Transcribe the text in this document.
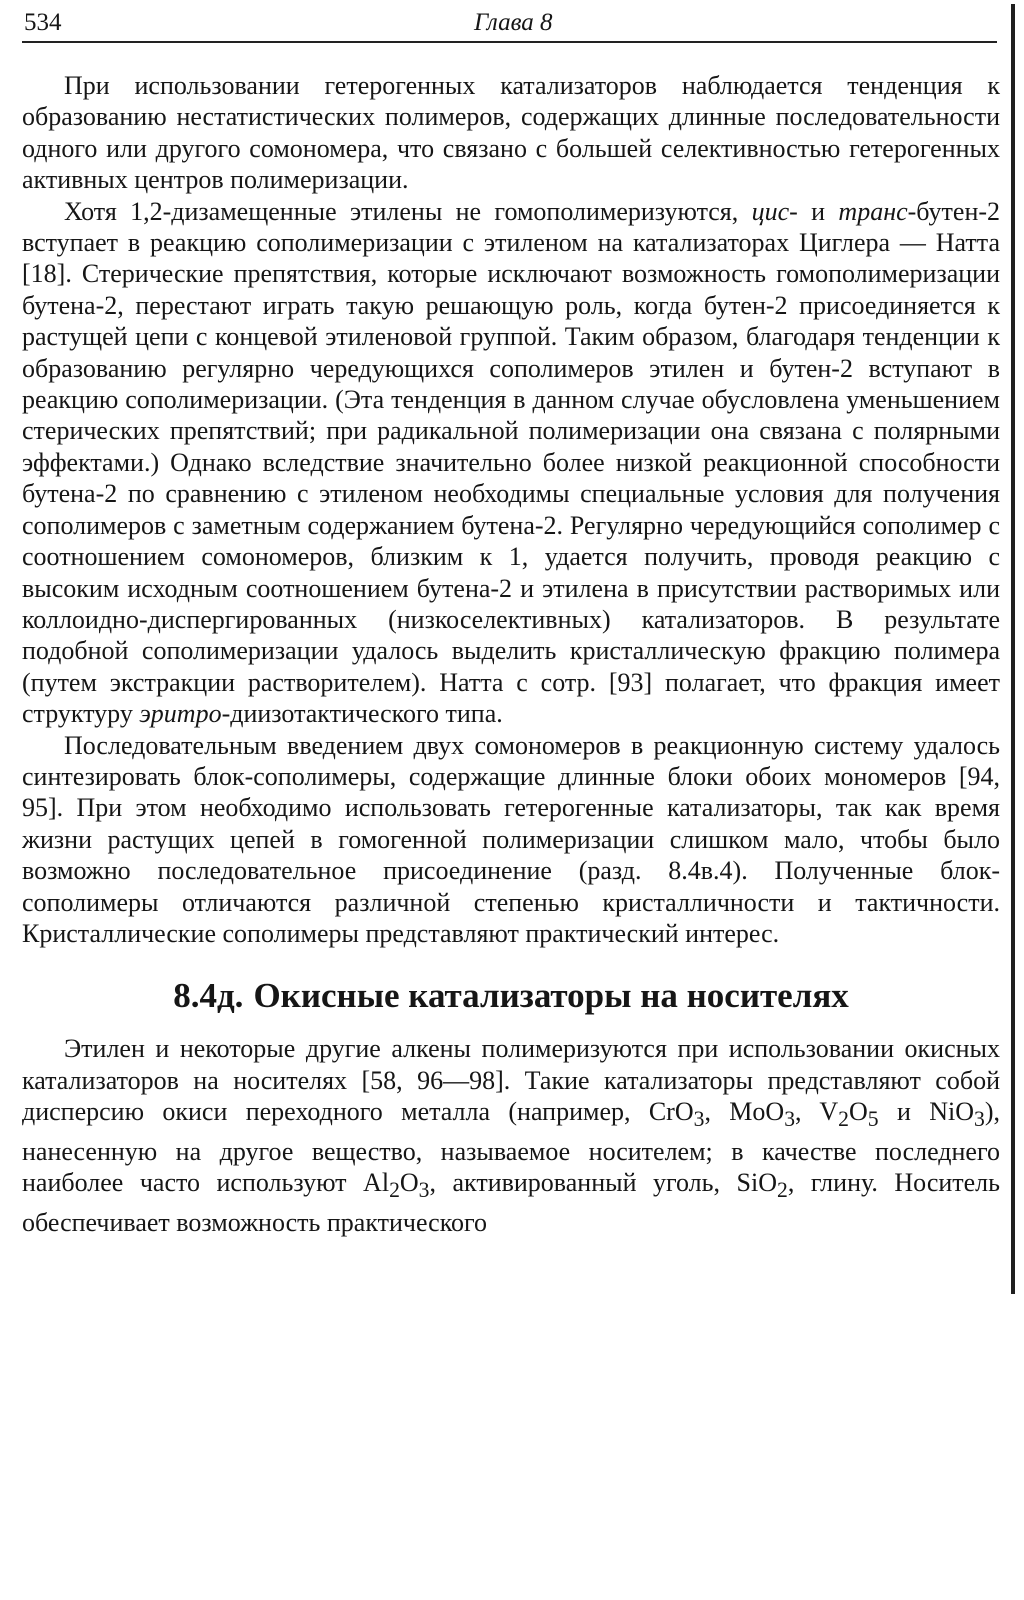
534	Глава 8

При использовании гетерогенных катализаторов наблюдается тенденция к образованию нестатистических полимеров, содержащих длинные последовательности одного или другого сомономера, что связано с большей селективностью гетерогенных активных центров полимеризации.

Хотя 1,2-дизамещенные этилены не гомополимеризуются, цис- и транс-бутен-2 вступает в реакцию сополимеризации с этиленом на катализаторах Циглера — Натта [18]. Стерические препятствия, которые исключают возможность гомополимеризации бутена-2, перестают играть такую решающую роль, когда бутен-2 присоединяется к растущей цепи с концевой этиленовой группой. Таким образом, благодаря тенденции к образованию регулярно чередующихся сополимеров этилен и бутен-2 вступают в реакцию сополимеризации. (Эта тенденция в данном случае обусловлена уменьшением стерических препятствий; при радикальной полимеризации она связана с полярными эффектами.) Однако вследствие значительно более низкой реакционной способности бутена-2 по сравнению с этиленом необходимы специальные условия для получения сополимеров с заметным содержанием бутена-2. Регулярно чередующийся сополимер с соотношением сомономеров, близким к 1, удается получить, проводя реакцию с высоким исходным соотношением бутена-2 и этилена в присутствии растворимых или коллоидно-диспергированных (низкоселективных) катализаторов. В результате подобной сополимеризации удалось выделить кристаллическую фракцию полимера (путем экстракции растворителем). Натта с сотр. [93] полагает, что фракция имеет структуру эритро-диизотактического типа.

Последовательным введением двух сомономеров в реакционную систему удалось синтезировать блок-сополимеры, содержащие длинные блоки обоих мономеров [94, 95]. При этом необходимо использовать гетерогенные катализаторы, так как время жизни растущих цепей в гомогенной полимеризации слишком мало, чтобы было возможно последовательное присоединение (разд. 8.4в.4). Полученные блок-сополимеры отличаются различной степенью кристалличности и тактичности. Кристаллические сополимеры представляют практический интерес.

8.4д. Окисные катализаторы на носителях

Этилен и некоторые другие алкены полимеризуются при использовании окисных катализаторов на носителях [58, 96—98]. Такие катализаторы представляют собой дисперсию окиси переходного металла (например, CrO$_3$, MoO$_3$, $V_2O_5$ и NiO$_3$), нанесенную на другое вещество, называемое носителем; в качестве последнего наиболее часто используют $Al_2O_3$, активированный уголь, SiO$_2$, глину. Носитель обеспечивает возможность практического
